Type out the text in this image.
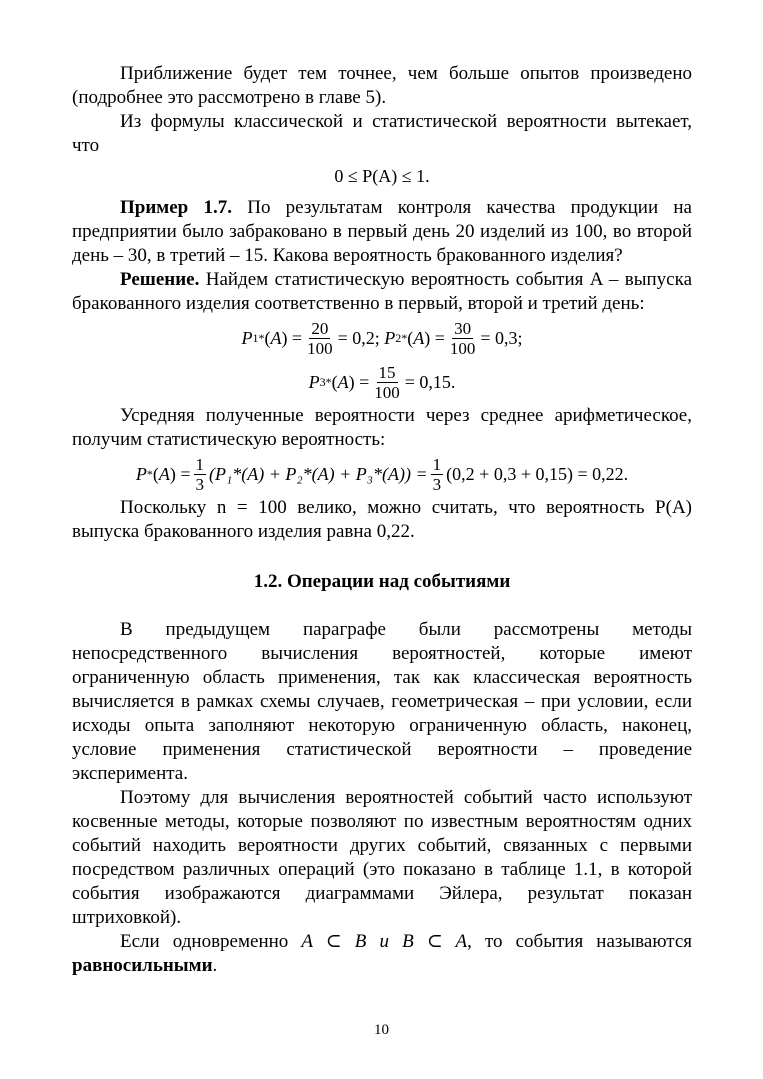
Приближение будет тем точнее, чем больше опытов произведено (подробнее это рассмотрено в главе 5).

Из формулы классической и статистической вероятности вытекает, что

0 ≤ P(A) ≤ 1.

Пример 1.7. По результатам контроля качества продукции на предприятии было забраковано в первый день 20 изделий из 100, во второй день – 30, в третий – 15. Какова вероятность бракованного изделия?

Решение. Найдем статистическую вероятность события A – выпуска бракованного изделия соответственно в первый, второй и третий день:

P 1 * ( A ) = $\frac{20}{100} = 0,2$;
P 2 * ( A ) = $\frac{30}{100} = 0,3$;
P 3 * ( A ) = $\frac{15}{100} = 0,15$.

Усредняя полученные вероятности через среднее арифметическое, получим статистическую вероятность:

P * ( A ) = $\frac{1}{3} (P_1*(A) + P_2*(A) + P_3*(A)) = \frac{1}{3} (0,2 + 0,3 + 0,15) = 0,22$.

Поскольку n = 100 велико, можно считать, что вероятность P(A) выпуска бракованного изделия равна 0,22.

1.2. Операции над событиями

В предыдущем параграфе были рассмотрены методы непосредственного вычисления вероятностей, которые имеют ограниченную область применения, так как классическая вероятность вычисляется в рамках схемы случаев, геометрическая – при условии, если исходы опыта заполняют некоторую ограниченную область, наконец, условие применения статистической вероятности – проведение эксперимента.

Поэтому для вычисления вероятностей событий часто используют косвенные методы, которые позволяют по известным вероятностям одних событий находить вероятности других событий, связанных с первыми посредством различных операций (это показано в таблице 1.1, в которой события изображаются диаграммами Эйлера, результат показан штриховкой).

Если одновременно A ⊂ B и B ⊂ A, то события называются равносильными.

10
